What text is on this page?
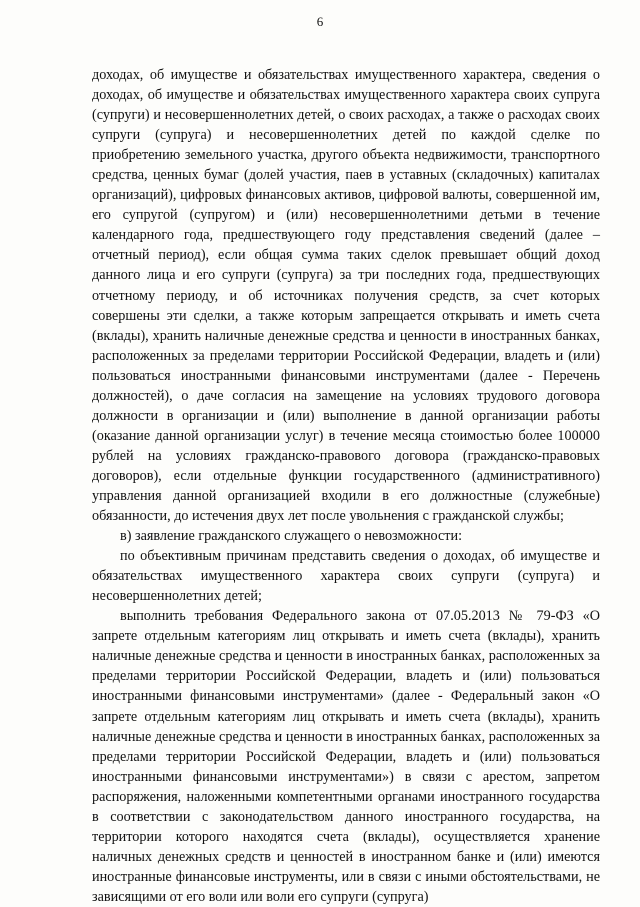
6

доходах, об имуществе и обязательствах имущественного характера, сведения о доходах, об имуществе и обязательствах имущественного характера своих супруга (супруги) и несовершеннолетних детей, о своих расходах, а также о расходах своих супруги (супруга) и несовершеннолетних детей по каждой сделке по приобретению земельного участка, другого объекта недвижимости, транспортного средства, ценных бумаг (долей участия, паев в уставных (складочных) капиталах организаций), цифровых финансовых активов, цифровой валюты, совершенной им, его супругой (супругом) и (или) несовершеннолетними детьми в течение календарного года, предшествующего году представления сведений (далее – отчетный период), если общая сумма таких сделок превышает общий доход данного лица и его супруги (супруга) за три последних года, предшествующих отчетному периоду, и об источниках получения средств, за счет которых совершены эти сделки, а также которым запрещается открывать и иметь счета (вклады), хранить наличные денежные средства и ценности в иностранных банках, расположенных за пределами территории Российской Федерации, владеть и (или) пользоваться иностранными финансовыми инструментами (далее - Перечень должностей), о даче согласия на замещение на условиях трудового договора должности в организации и (или) выполнение в данной организации работы (оказание данной организации услуг) в течение месяца стоимостью более 100000 рублей на условиях гражданско-правового договора (гражданско-правовых договоров), если отдельные функции государственного (административного) управления данной организацией входили в его должностные (служебные) обязанности, до истечения двух лет после увольнения с гражданской службы;

в) заявление гражданского служащего о невозможности:

по объективным причинам представить сведения о доходах, об имуществе и обязательствах имущественного характера своих супруги (супруга) и несовершеннолетних детей;

выполнить требования Федерального закона от 07.05.2013 № 79-ФЗ «О запрете отдельным категориям лиц открывать и иметь счета (вклады), хранить наличные денежные средства и ценности в иностранных банках, расположенных за пределами территории Российской Федерации, владеть и (или) пользоваться иностранными финансовыми инструментами» (далее - Федеральный закон «О запрете отдельным категориям лиц открывать и иметь счета (вклады), хранить наличные денежные средства и ценности в иностранных банках, расположенных за пределами территории Российской Федерации, владеть и (или) пользоваться иностранными финансовыми инструментами») в связи с арестом, запретом распоряжения, наложенными компетентными органами иностранного государства в соответствии с законодательством данного иностранного государства, на территории которого находятся счета (вклады), осуществляется хранение наличных денежных средств и ценностей в иностранном банке и (или) имеются иностранные финансовые инструменты, или в связи с иными обстоятельствами, не зависящими от его воли или воли его супруги (супруга)
